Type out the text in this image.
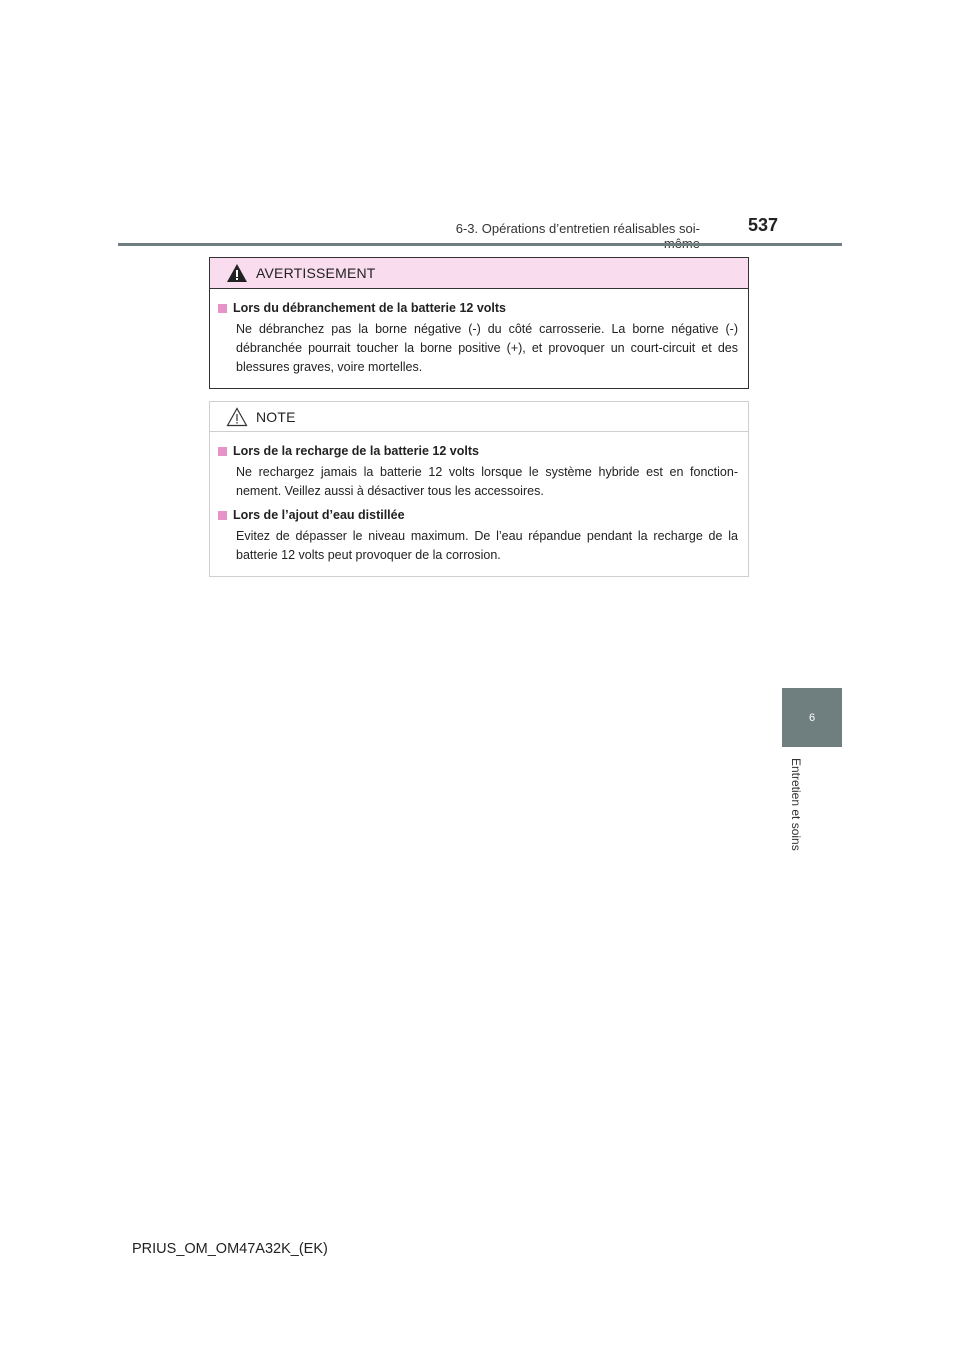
6-3. Opérations d’entretien réalisables soi-	537
6
Entretien et soins
AVERTISSEMENT
Lors du débranchement de la batterie 12 volts

Ne débranchez pas la borne négative (-) du côté carrosserie. La borne négative (-) débranchée pourrait toucher la borne positive (+), et provoquer un court-circuit et des blessures graves, voire mortelles.

NOTE
Lors de la recharge de la batterie 12 volts

Ne rechargez jamais la batterie 12 volts lorsque le système hybride est en fonction-nement. Veillez aussi à désactiver tous les accessoires.

Lors de l’ajout d’eau distillée

Evitez de dépasser le niveau maximum. De l’eau répandue pendant la recharge de la batterie 12 volts peut provoquer de la corrosion.

PRIUS_OM_OM47A32K_(EK)
